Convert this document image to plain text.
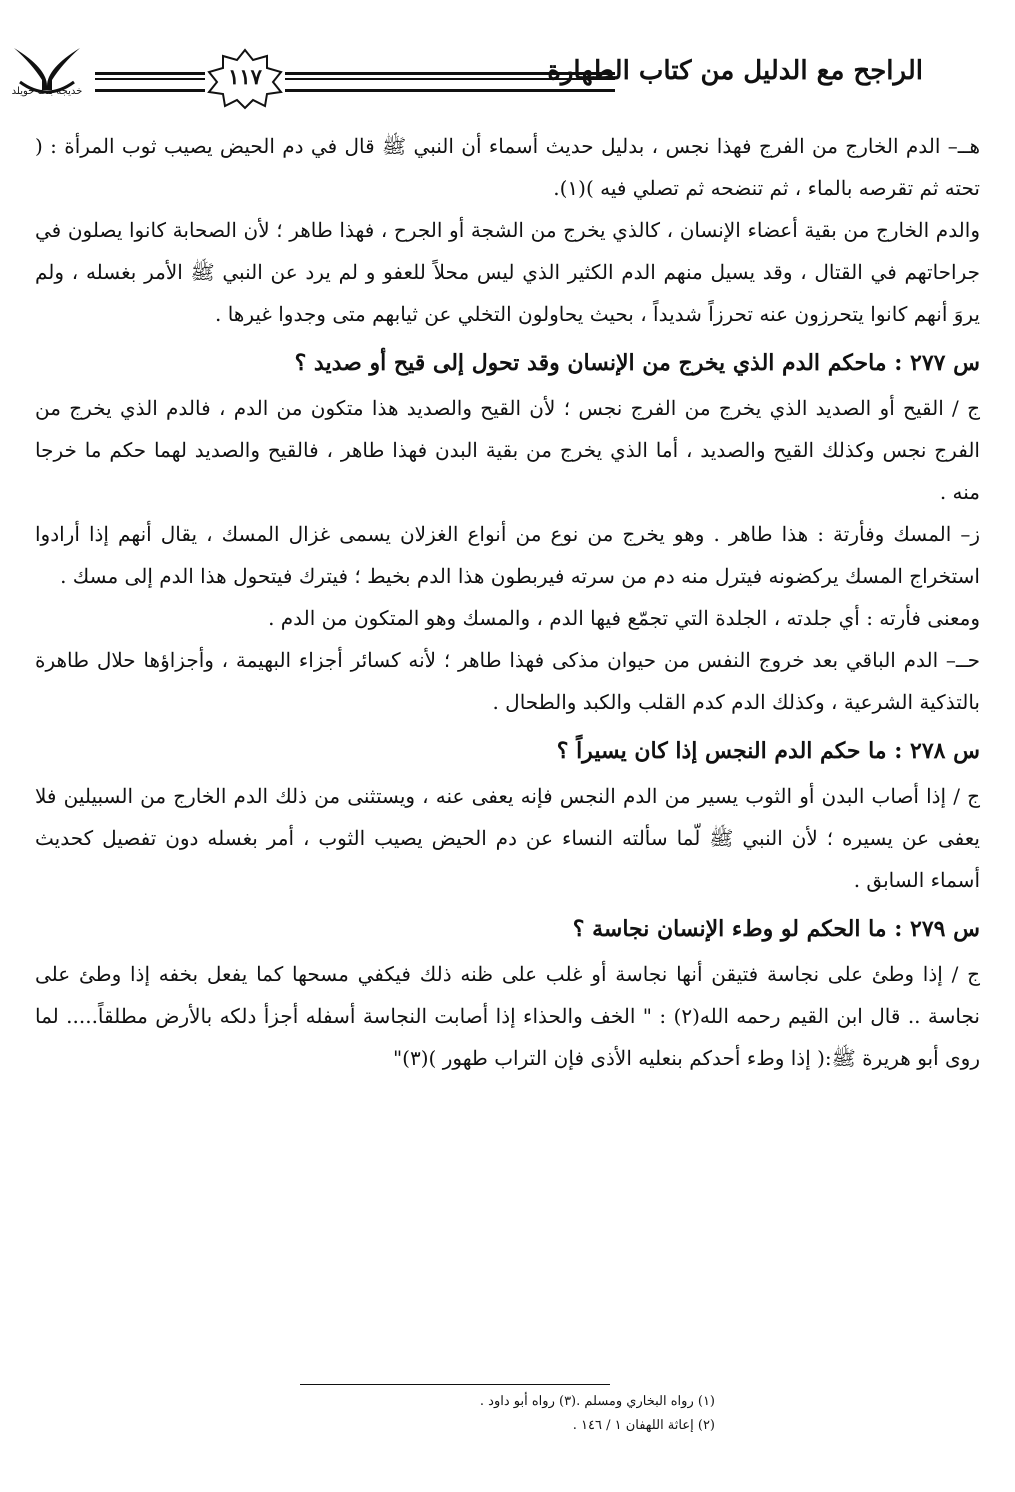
خديجة بنت خويلد
١١٧	الراجح مع الدليل من كتاب الطهارة

هــ– الدم الخارج من الفرج فهذا نجس ، بدليل حديث أسماء أن النبي ﷺ قال في دم الحيض يصيب ثوب المرأة : ( تحته ثم تقرصه بالماء ، ثم تنضحه ثم تصلي فيه )(١).

والدم الخارج من بقية أعضاء الإنسان ، كالذي يخرج من الشجة أو الجرح ، فهذا طاهر ؛ لأن الصحابة كانوا يصلون في جراحاتهم في القتال ، وقد يسيل منهم الدم الكثير الذي ليس محلاً للعفو و لم يرد عن النبي ﷺ الأمر بغسله ، ولم يروَ أنهم كانوا يتحرزون عنه تحرزاً شديداً ، بحيث يحاولون التخلي عن ثيابهم متى وجدوا غيرها .

س ٢٧٧ : ماحكم الدم الذي يخرج من الإنسان وقد تحول إلى قيح أو صديد ؟

ج / القيح أو الصديد الذي يخرج من الفرج نجس ؛ لأن القيح والصديد هذا متكون من الدم ، فالدم الذي يخرج من الفرج نجس وكذلك القيح والصديد ، أما الذي يخرج من بقية البدن فهذا طاهر ، فالقيح والصديد لهما حكم ما خرجا منه .

ز– المسك وفأرتة : هذا طاهر . وهو يخرج من نوع من أنواع الغزلان يسمى غزال المسك ، يقال أنهم إذا أرادوا استخراج المسك يركضونه فيترل منه دم من سرته فيربطون هذا الدم بخيط ؛ فيترك فيتحول هذا الدم إلى مسك .

ومعنى فأرته : أي جلدته ، الجلدة التي تجمّع فيها الدم ، والمسك وهو المتكون من الدم .

حــ– الدم الباقي بعد خروج النفس من حيوان مذكى فهذا طاهر ؛ لأنه كسائر أجزاء البهيمة ، وأجزاؤها حلال طاهرة بالتذكية الشرعية ، وكذلك الدم كدم القلب والكبد والطحال .

س ٢٧٨ : ما حكم الدم النجس إذا كان يسيراً ؟

ج / إذا أصاب البدن أو الثوب يسير من الدم النجس فإنه يعفى عنه ، ويستثنى من ذلك الدم الخارج من السبيلين فلا يعفى عن يسيره ؛ لأن النبي ﷺ لّما سألته النساء عن دم الحيض يصيب الثوب ، أمر بغسله دون تفصيل كحديث أسماء السابق .

س ٢٧٩ : ما الحكم لو وطء الإنسان نجاسة ؟

ج / إذا وطئ على نجاسة فتيقن أنها نجاسة أو غلب على ظنه ذلك فيكفي مسحها كما يفعل بخفه إذا وطئ على نجاسة .. قال ابن القيم رحمه الله(٢) : " الخف والحذاء إذا أصابت النجاسة أسفله أجزأ دلكه بالأرض مطلقاً..... لما روى أبو هريرة ﷺ:( إذا وطء أحدكم بنعليه الأذى فإن التراب طهور )(٣)"

(١) رواه البخاري ومسلم .(٣) رواه أبو داود .
(٢) إعاثة اللهفان ١ / ١٤٦ .
